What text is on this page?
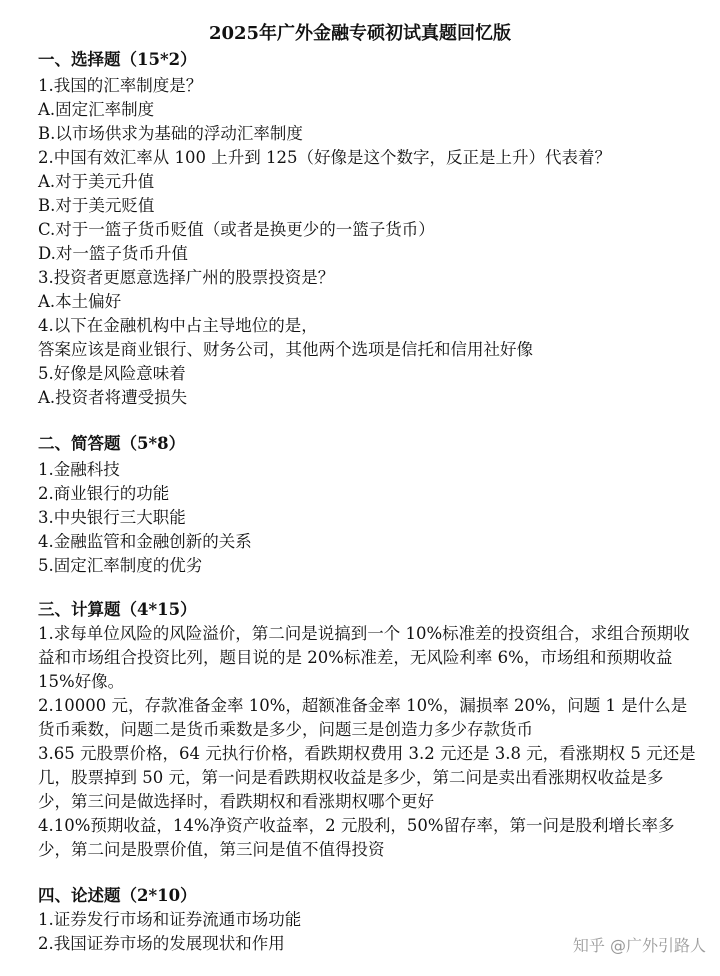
2025年广外金融专硕初试真题回忆版
一、选择题（15*2）
1.我国的汇率制度是？
A.固定汇率制度
B.以市场供求为基础的浮动汇率制度
2.中国有效汇率从 100 上升到 125（好像是这个数字，反正是上升）代表着？
A.对于美元升值
B.对于美元贬值
C.对于一篮子货币贬值（或者是换更少的一篮子货币）
D.对一篮子货币升值
3.投资者更愿意选择广州的股票投资是？
A.本土偏好
4.以下在金融机构中占主导地位的是，
答案应该是商业银行、财务公司，其他两个选项是信托和信用社好像
5.好像是风险意味着
A.投资者将遭受损失
二、简答题（5*8）
1.金融科技
2.商业银行的功能
3.中央银行三大职能
4.金融监管和金融创新的关系
5.固定汇率制度的优劣
三、计算题（4*15）
1.求每单位风险的风险溢价，第二问是说搞到一个 10%标准差的投资组合，求组合预期收益和市场组合投资比列，题目说的是 20%标准差，无风险利率 6%，市场组和预期收益 15%好像。
2.10000 元，存款准备金率 10%，超额准备金率 10%，漏损率 20%，问题 1 是什么是货币乘数，问题二是货币乘数是多少，问题三是创造力多少存款货币
3.65 元股票价格，64 元执行价格，看跌期权费用 3.2 元还是 3.8 元，看涨期权 5 元还是几，股票掉到 50 元，第一问是看跌期权收益是多少，第二问是卖出看涨期权收益是多少，第三问是做选择时，看跌期权和看涨期权哪个更好
4.10%预期收益，14%净资产收益率，2 元股利，50%留存率，第一问是股利增长率多少，第二问是股票价值，第三问是值不值得投资
四、论述题（2*10）
1.证券发行市场和证券流通市场功能
2.我国证券市场的发展现状和作用	知乎 @广外引路人
